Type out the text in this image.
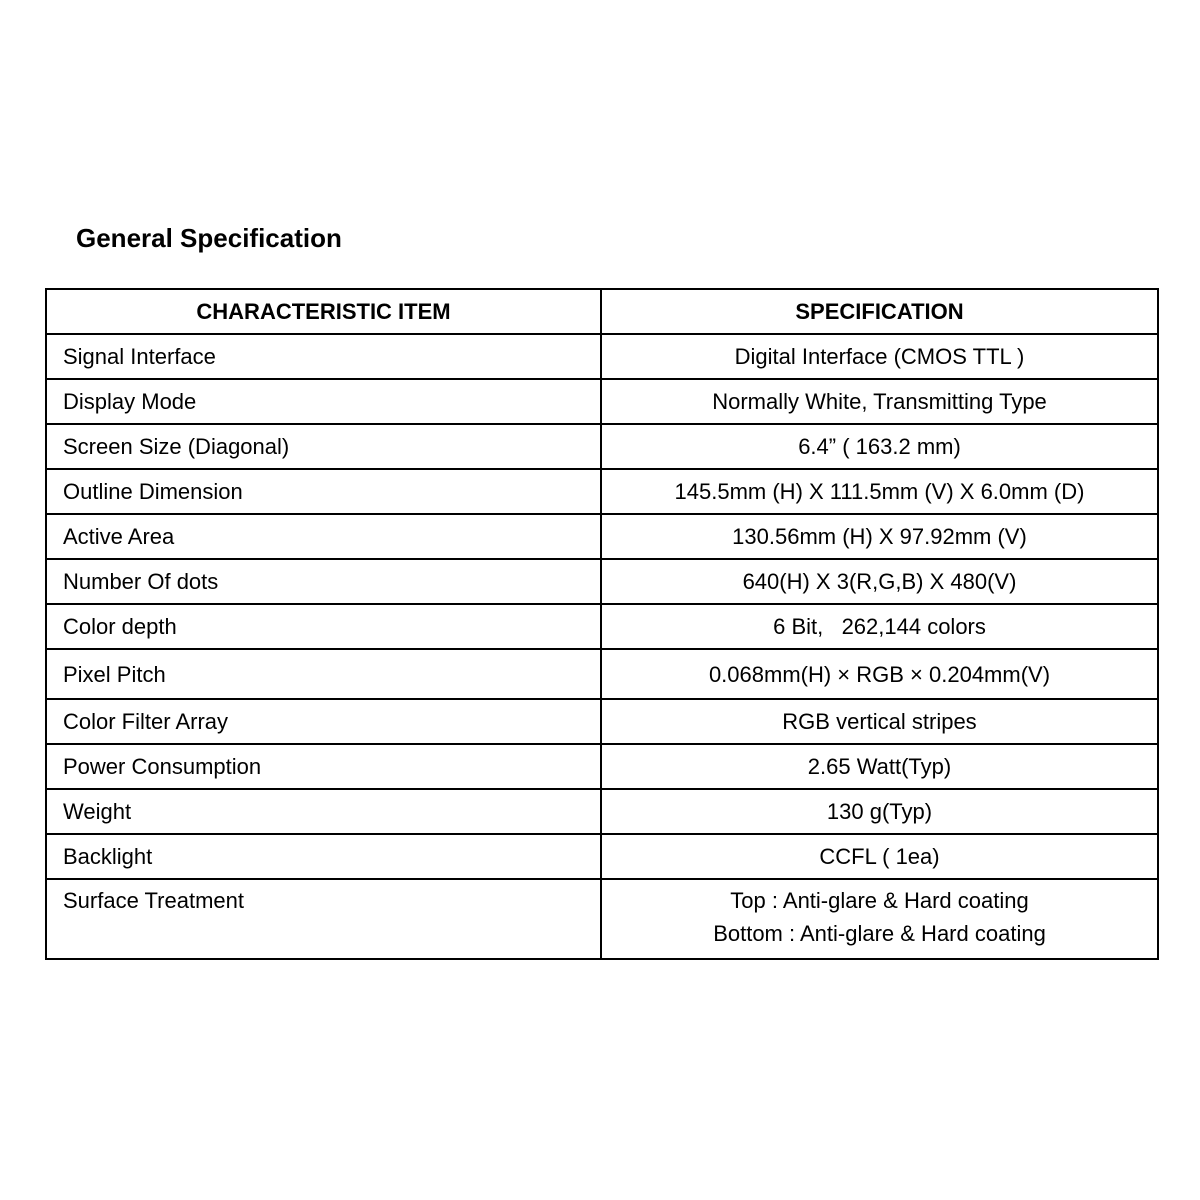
General Specification
CHARACTERISTIC ITEM	SPECIFICATION
Signal Interface	Digital Interface (CMOS TTL )
Display Mode	Normally White, Transmitting Type
Screen Size (Diagonal)	6.4” ( 163.2 mm)
Outline Dimension	145.5mm (H) X 111.5mm (V) X 6.0mm (D)
Active Area	130.56mm (H) X 97.92mm (V)
Number Of dots	640(H) X 3(R,G,B) X 480(V)
Color depth	6 Bit,   262,144 colors
Pixel Pitch	0.068mm(H) × RGB × 0.204mm(V)
Color Filter Array	RGB vertical stripes
Power Consumption	2.65 Watt(Typ)
Weight	130 g(Typ)
Backlight	CCFL ( 1ea)
Surface Treatment	Top : Anti-glare & Hard coating
Bottom : Anti-glare & Hard coating
